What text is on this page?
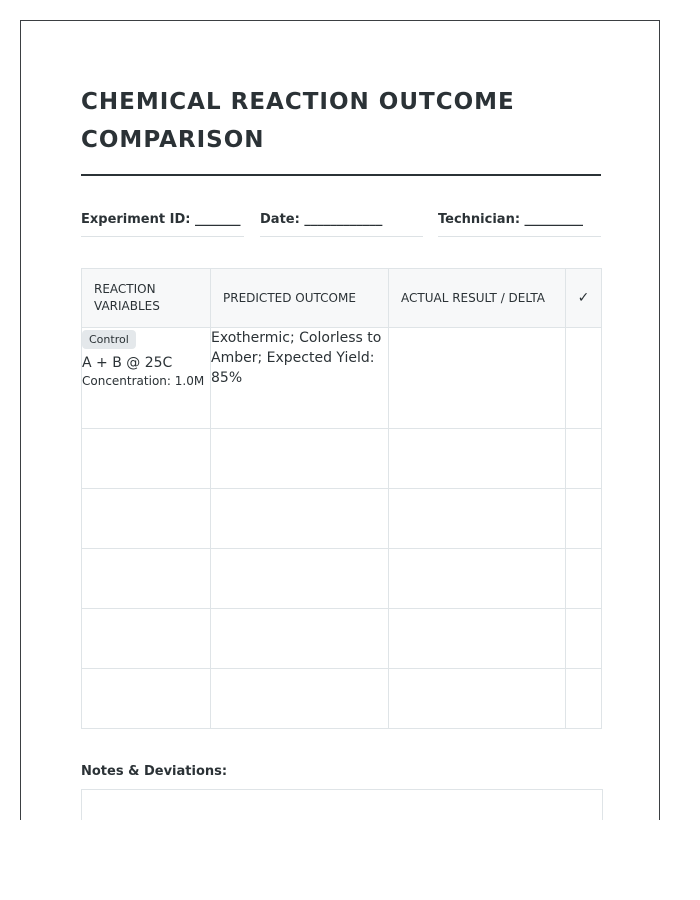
CHEMICAL REACTION OUTCOME COMPARISON
Experiment ID: _______ Date: ____________	Technician: _________
REACTION VARIABLES	PREDICTED OUTCOME	ACTUAL RESULT / DELTA	✓
Control
A + B @ 25C
Concentration: 1.0M	Exothermic; Colorless to Amber; Expected Yield: 85%		

Notes & Deviations:
